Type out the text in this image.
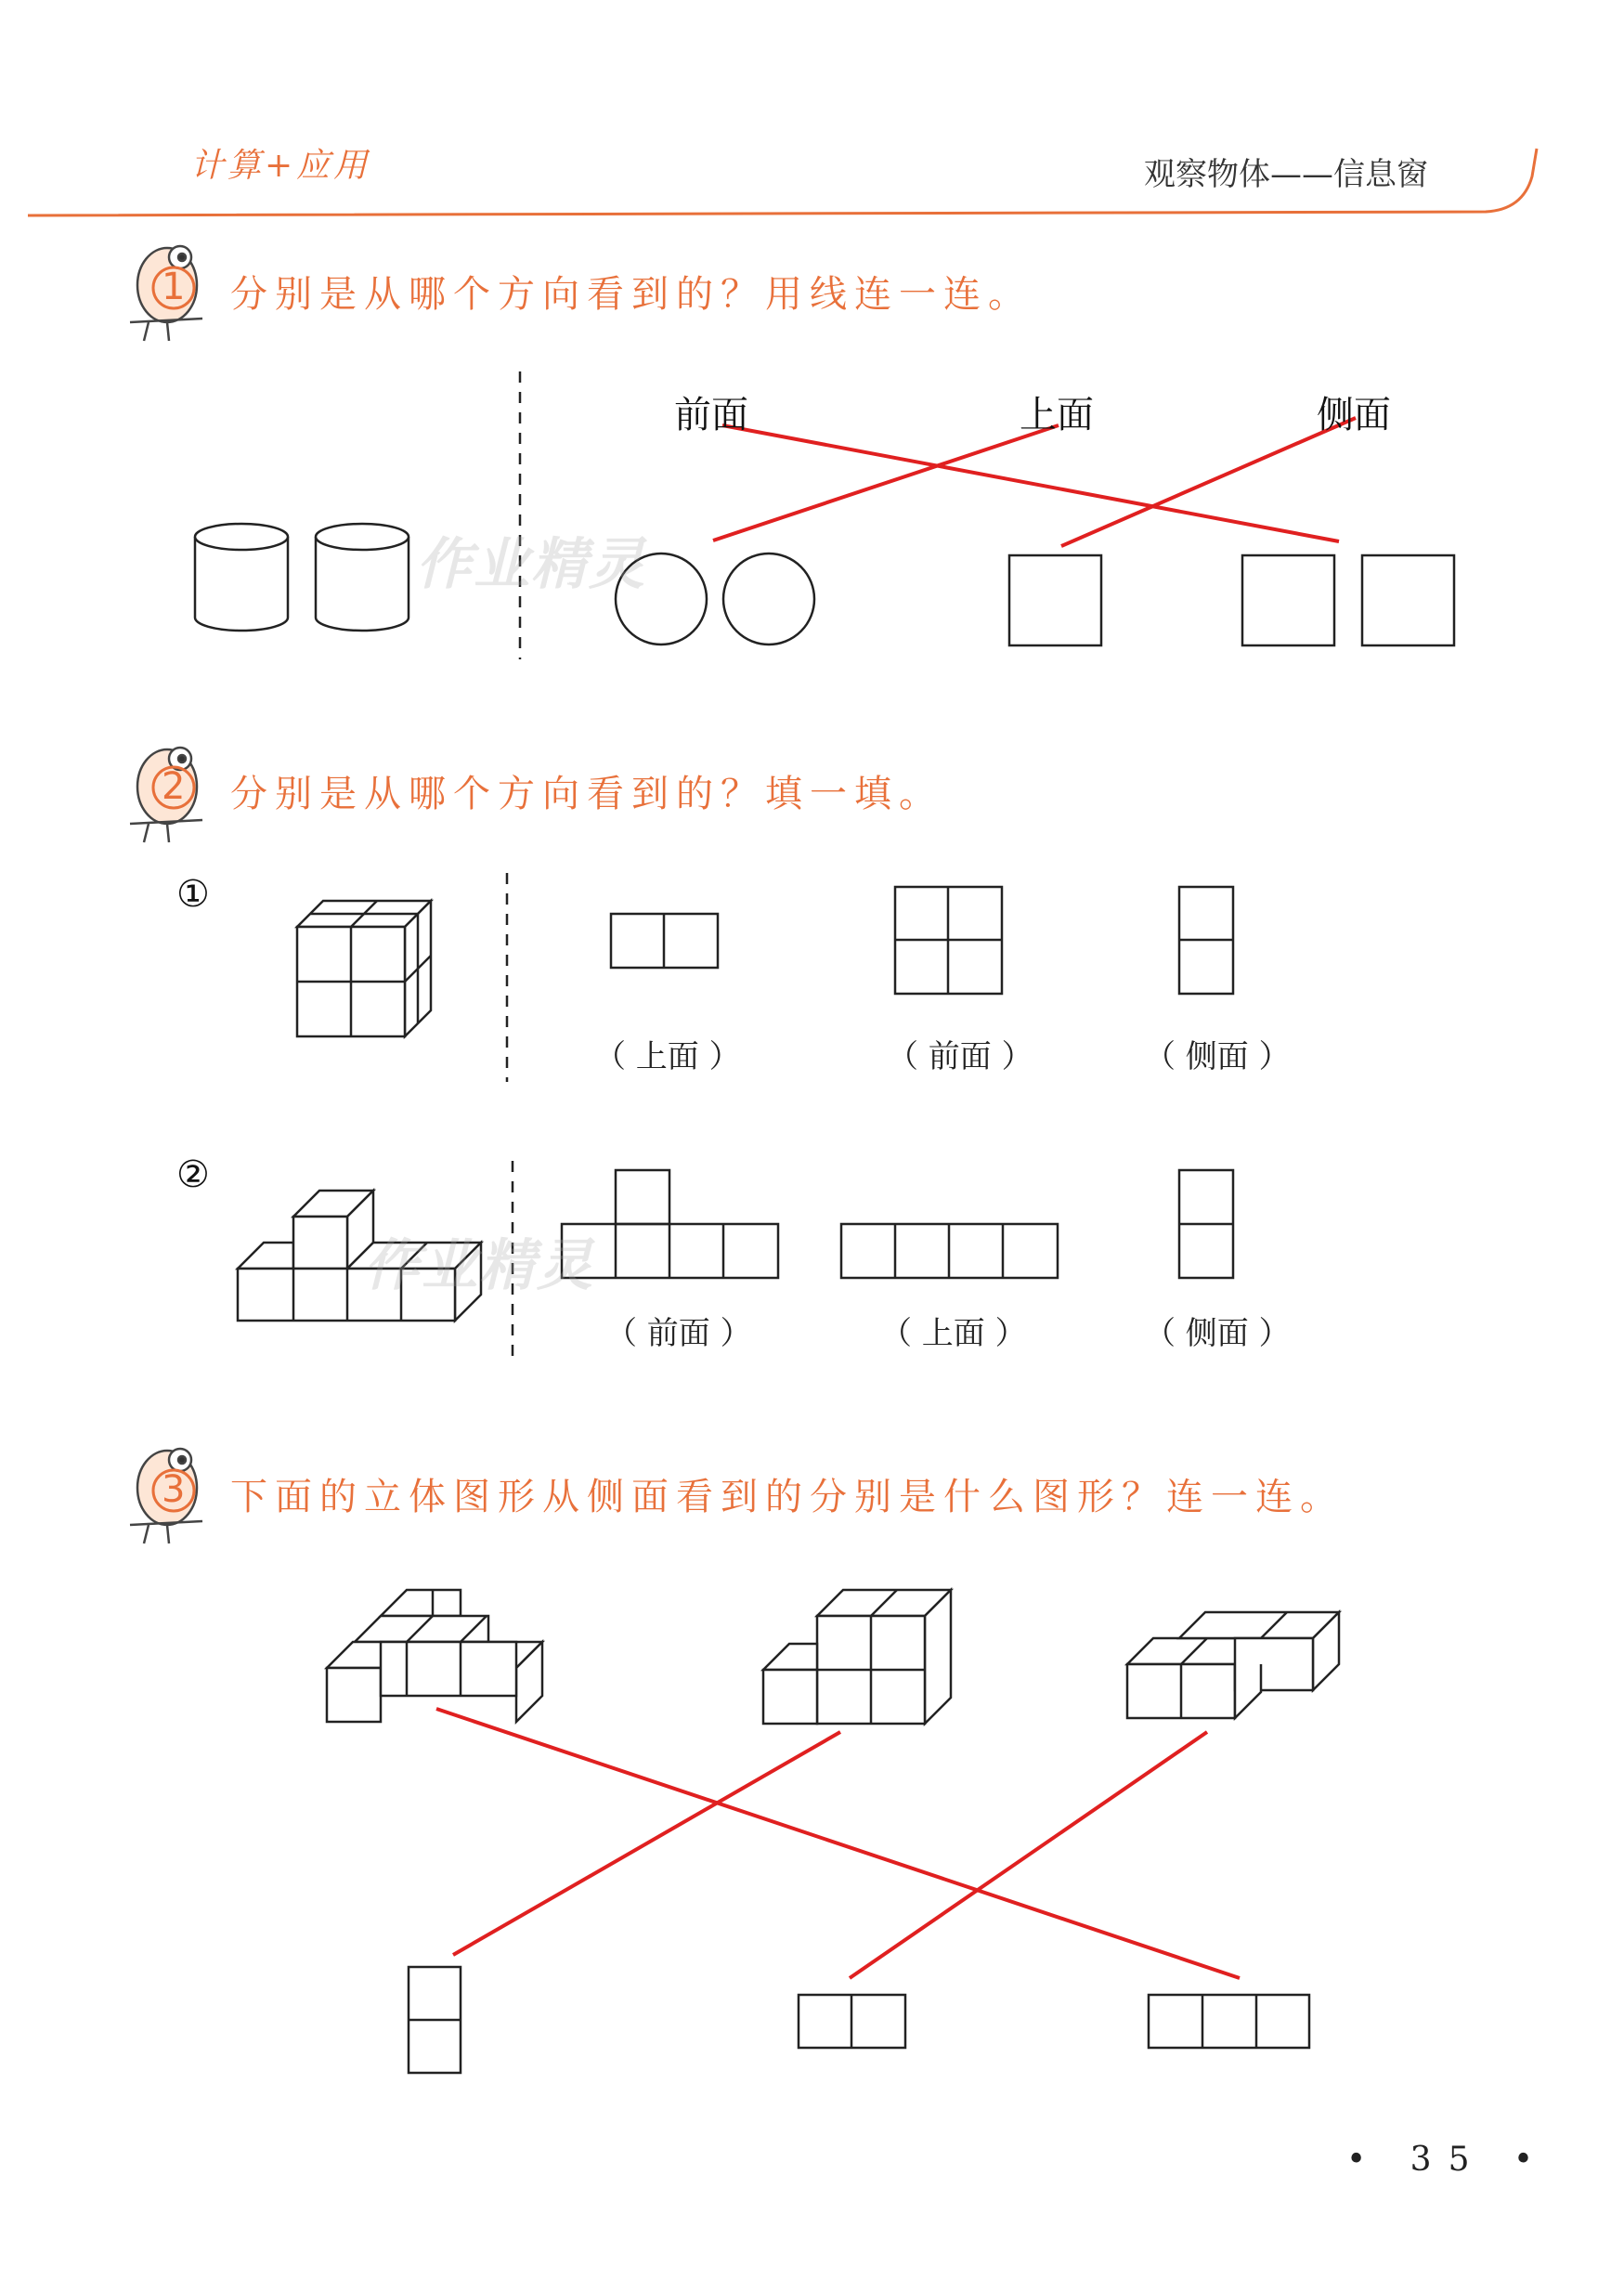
计算+应用	观察物体——信息窗
1
2
3
分别是从哪个方向看到的？用线连一连。
分别是从哪个方向看到的？填一填。
下面的立体图形从侧面看到的分别是什么图形？连一连。
前面	上面	侧面
①
（ 上面 ）	（ 前面 ）	（ 侧面 ）
②
（ 前面 ）	（ 上面 ）	（ 侧面 ）
作业精灵
作业精灵
• 35 •
